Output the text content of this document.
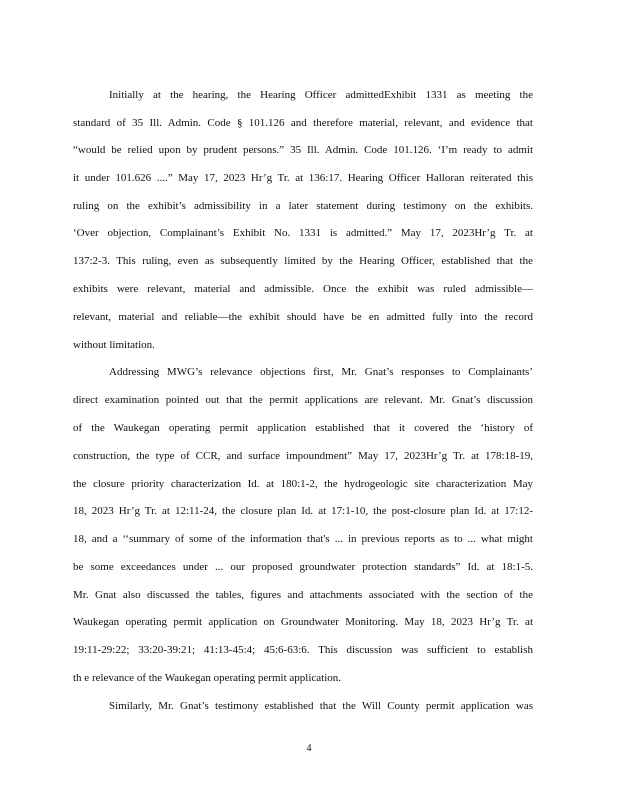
Initially at the hearing, the Hearing Officer admittedExhibit 1331 as meeting the
standard of 35 Ill. Admin. Code § 101.126 and therefore material, relevant, and evidence that
“would be relied upon by prudent persons.” 35 Ill. Admin. Code 101.126. ‘I’m ready to admit
it under 101.626 ....” May 17, 2023 Hr’g Tr. at 136:17. Hearing Officer Halloran reiterated this
ruling on the exhibit’s admissibility in a later statement during testimony on the exhibits.
‘Over objection, Complainant’s Exhibit No. 1331 is admitted.” May 17, 2023Hr’g Tr. at
137:2-3. This ruling, even as subsequently limited by the Hearing Officer, established that the
exhibits were relevant, material and admissible. Once the exhibit was ruled admissible—
relevant, material and reliable—the exhibit should have be en admitted fully into the record
without limitation.
Addressing MWG’s relevance objections first, Mr. Gnat’s responses to Complainants’
direct examination pointed out that the permit applications are relevant. Mr. Gnat’s discussion
of the Waukegan operating permit application established that it covered the ‘history of
construction, the type of CCR, and surface impoundment” May 17, 2023Hr’g Tr. at 178:18-19,
the closure priority characterization Id. at 180:1-2, the hydrogeologic site characterization May
18, 2023 Hr’g Tr. at 12:11-24, the closure plan Id. at 17:1-10, the post-closure plan Id. at 17:12-
18, and a ‘‘summary of some of the information that's ... in previous reports as to ... what might
be some exceedances under ... our proposed groundwater protection standards” Id. at 18:1-5.
Mr. Gnat also discussed the tables, figures and attachments associated with the section of the
Waukegan operating permit application on Groundwater Monitoring. May 18, 2023 Hr’g Tr. at
19:11-29:22; 33:20-39:21; 41:13-45:4; 45:6-63:6. This discussion was sufficient to establish
th e relevance of the Waukegan operating permit application.
Similarly, Mr. Gnat’s testimony established that the Will County permit application was
4
